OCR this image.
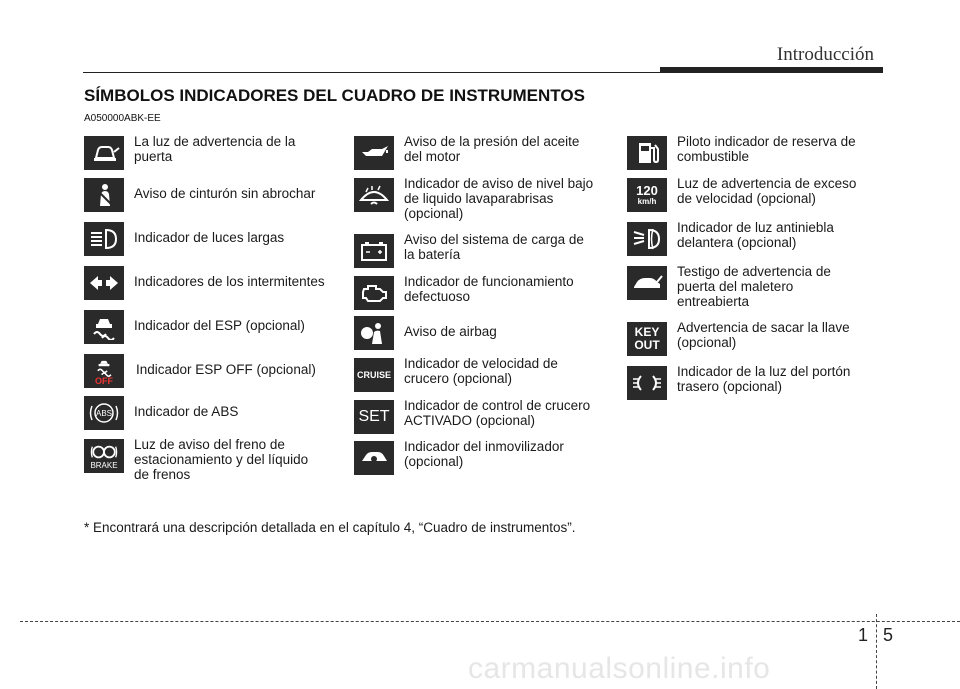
Introducción
SÍMBOLOS INDICADORES DEL CUADRO DE INSTRUMENTOS
A050000ABK-EE
La luz de advertencia de la
puerta
Aviso de cinturón sin abrochar
Indicador de luces largas
Indicadores de los intermitentes
Indicador del ESP (opcional)
OFF
Indicador ESP OFF (opcional)
ABS Indicador de ABS
BRAKE
Luz de aviso del freno de
estacionamiento y del líquido
de frenos
Aviso de la presión del aceite
del motor
Indicador de aviso de nivel bajo
de liquido lavaparabrisas
(opcional)
Aviso del sistema de carga de
la batería
Indicador de funcionamiento
defectuoso
Aviso de airbag
CRUISE
Indicador de velocidad de
crucero (opcional)
SET
Indicador de control de crucero
ACTIVADO (opcional)
Indicador del inmovilizador
(opcional)
Piloto indicador de reserva de
combustible
120
km/h
Luz de advertencia de exceso
de velocidad (opcional)
Indicador de luz antiniebla
delantera (opcional)
Testigo de advertencia de
puerta del maletero
entreabierta
KEY
OUT
Advertencia de sacar la llave
(opcional)
Indicador de la luz del portón
trasero (opcional)
* Encontrará una descripción detallada en el capítulo 4, “Cuadro de instrumentos”.
1 5
carmanualsonline.info
